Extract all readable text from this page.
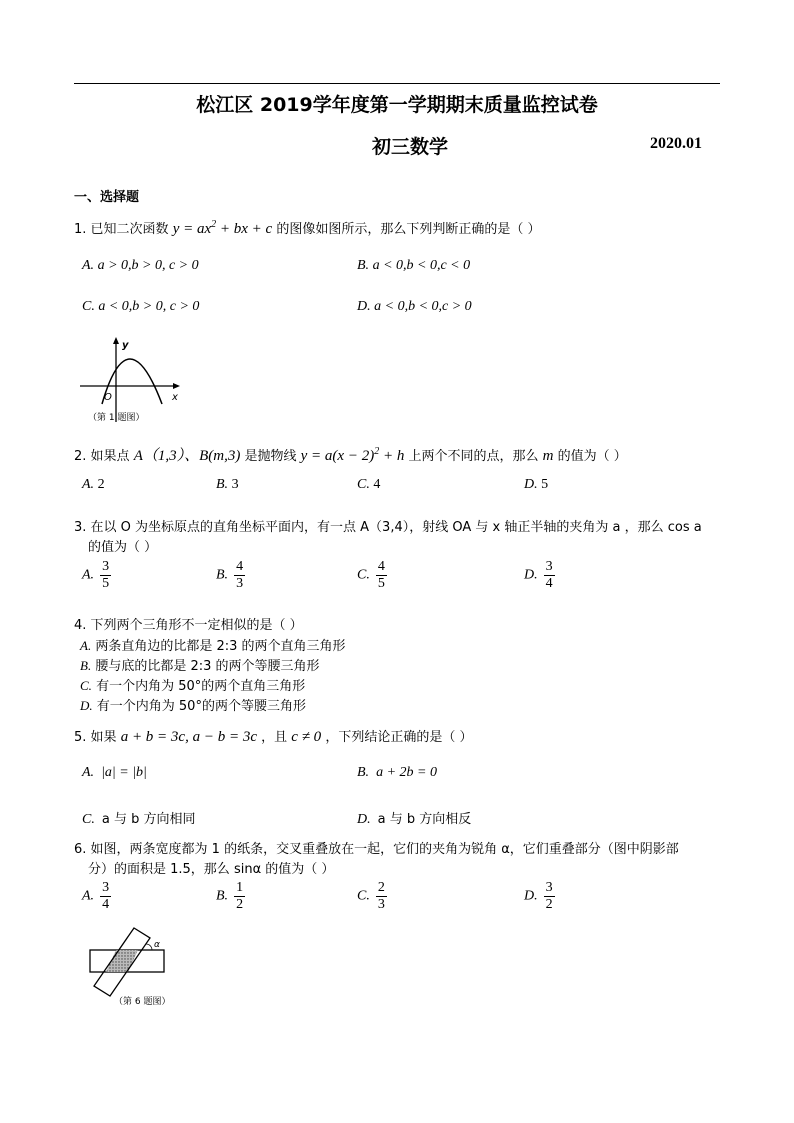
松江区 2019学年度第一学期期末质量监控试卷
初三数学	2020.01
一、选择题
1. 已知二次函数 $y = ax^2$ + bx + c 的图像如图所示，那么下列判断正确的是（ ）
A. a > 0,b > 0, c > 0	B. a < 0,b < 0,c < 0
C. a < 0,b > 0, c > 0	D. a < 0,b < 0,c > 0
y
x
O
（第 1 题图）
2. 如果点 A（1,3）、B(m,3) 是抛物线 $y = a(x - 2)^2 + h$ 上两个不同的点，那么 m 的值为（ ）
A. 2	B. 3	C. 4	D. 5
3. 在以 O 为坐标原点的直角坐标平面内，有一点 A（3,4），射线 OA 与 x 轴正半轴的夹角为 a ，那么 cos a
的值为（ ）
A. $\frac{3}{5}$	B. $\frac{4}{3}$	C. $\frac{4}{5}$	D. $\frac{3}{4}$
4. 下列两个三角形不一定相似的是（ ）
A. 两条直角边的比都是 2:3 的两个直角三角形
B. 腰与底的比都是 2:3 的两个等腰三角形
C. 有一个内角为 50°的两个直角三角形
D. 有一个内角为 50°的两个等腰三角形
5. 如果 a + b = 3c, a − b = 3c ，且 c ≠ 0 ，下列结论正确的是（ ）
A. |a| = |b|	B. a + 2b = 0
C. a 与 b 方向相同	D. a 与 b 方向相反
6. 如图，两条宽度都为 1 的纸条，交叉重叠放在一起，它们的夹角为锐角 α，它们重叠部分（图中阴影部
分）的面积是 1.5，那么 sinα 的值为（ ）
A. $\frac{3}{4}$	B. $\frac{1}{2}$	C. $\frac{2}{3}$	D. $\frac{3}{2}$
α
（第 6 题图）
